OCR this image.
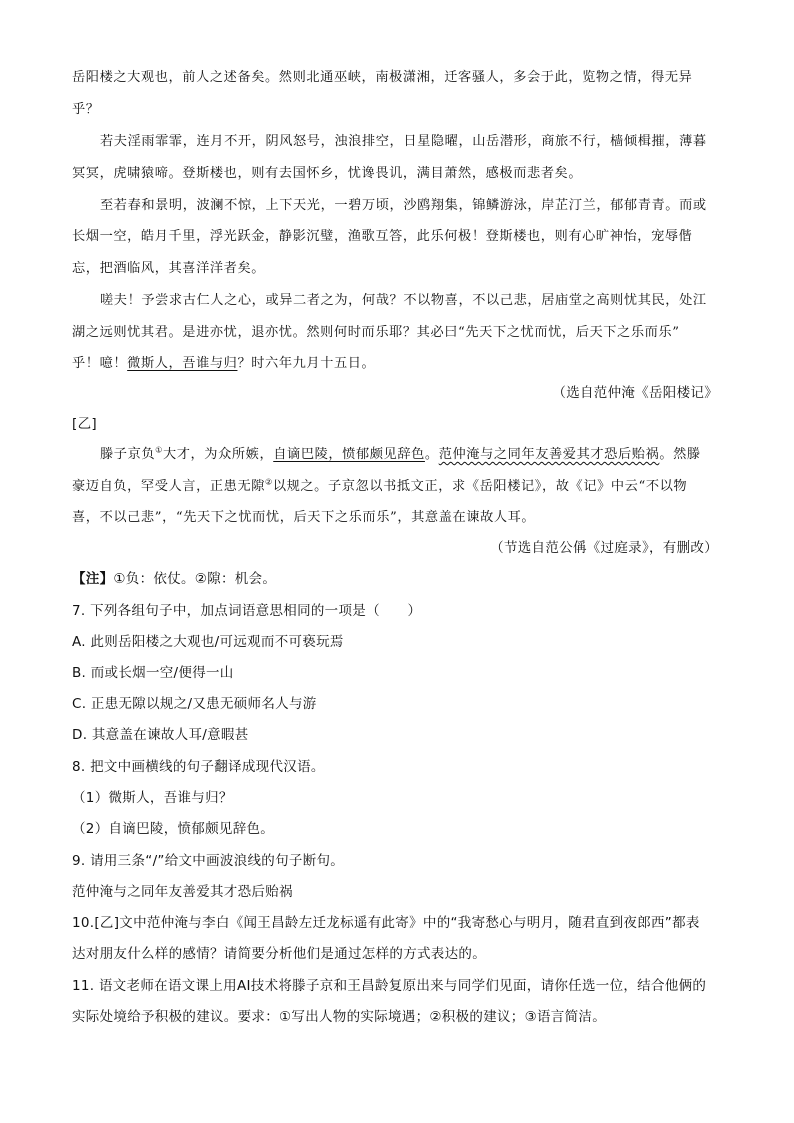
岳阳楼之大观也，前人之述备矣。然则北通巫峡，南极潇湘，迁客骚人，多会于此，览物之情，得无异
乎？
若夫淫雨霏霏，连月不开，阴风怒号，浊浪排空，日星隐曜，山岳潜形，商旅不行，樯倾楫摧，薄暮
冥冥，虎啸猿啼。登斯楼也，则有去国怀乡，忧谗畏讥，满目萧然，感极而悲者矣。
至若春和景明，波澜不惊，上下天光，一碧万顷，沙鸥翔集，锦鳞游泳，岸芷汀兰，郁郁青青。而或
长烟一空，皓月千里，浮光跃金，静影沉璧，渔歌互答，此乐何极！登斯楼也，则有心旷神怡，宠辱偕
忘，把酒临风，其喜洋洋者矣。
嗟夫！予尝求古仁人之心，或异二者之为，何哉？不以物喜，不以己悲，居庙堂之高则忧其民，处江
湖之远则忧其君。是进亦忧，退亦忧。然则何时而乐耶？其必曰“先天下之忧而忧，后天下之乐而乐”
乎！噫！微斯人，吾谁与归？时六年九月十五日。
（选自范仲淹《岳阳楼记》
[乙]
滕子京负①大才，为众所嫉，自谪巴陵，愤郁颇见辞色。范仲淹与之同年友善爱其才恐后贻祸。然滕
豪迈自负，罕受人言，正患无隙②以规之。子京忽以书抵文正，求《岳阳楼记》，故《记》中云“不以物
喜，不以己悲”，“先天下之忧而忧，后天下之乐而乐”，其意盖在谏故人耳。
（节选自范公偁《过庭录》，有删改）
【注】①负：依仗。②隙：机会。
7. 下列各组句子中，加点词语意思相同的一项是（　　）
A. 此则岳阳楼之大观也/可远观而不可亵玩焉
B. 而或长烟一空/便得一山
C. 正患无隙以规之/又患无硕师名人与游
D. 其意盖在谏故人耳/意暇甚
8. 把文中画横线的句子翻译成现代汉语。
（1）微斯人，吾谁与归？
（2）自谪巴陵，愤郁颇见辞色。
9. 请用三条“/”给文中画波浪线的句子断句。
范仲淹与之同年友善爱其才恐后贻祸
10.[乙]文中范仲淹与李白《闻王昌龄左迁龙标遥有此寄》中的“我寄愁心与明月，随君直到夜郎西”都表
达对朋友什么样的感情？请简要分析他们是通过怎样的方式表达的。
11. 语文老师在语文课上用AI技术将滕子京和王昌龄复原出来与同学们见面，请你任选一位，结合他俩的
实际处境给予积极的建议。要求：①写出人物的实际境遇；②积极的建议；③语言简洁。
